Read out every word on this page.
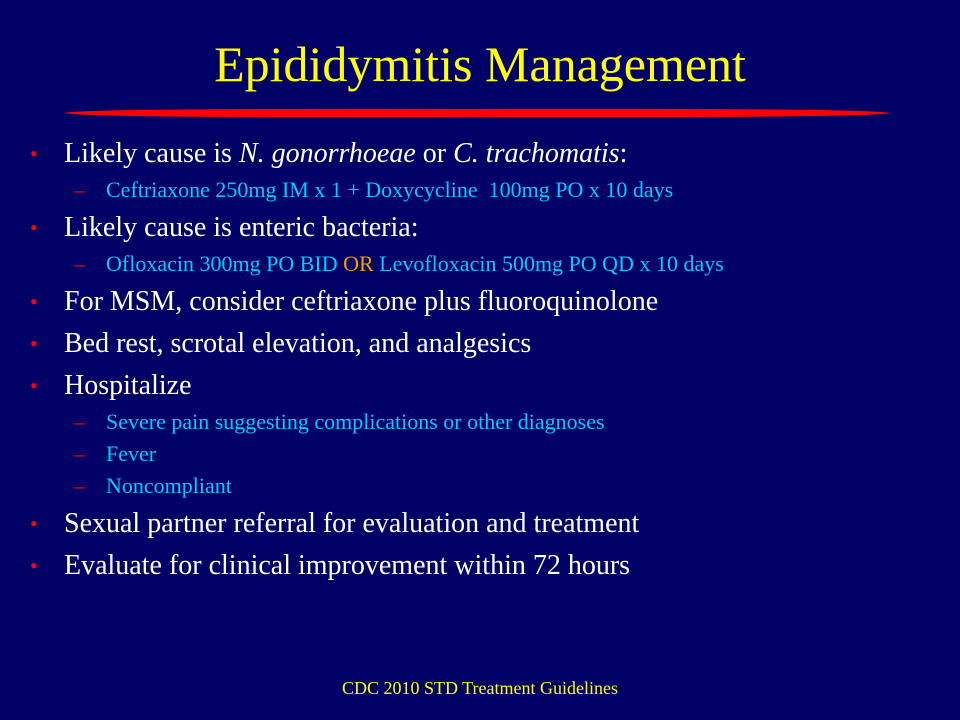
Epididymitis Management
• Likely cause is N. gonorrhoeae or C. trachomatis:
– Ceftriaxone 250mg IM x 1 + Doxycycline  100mg PO x 10 days
• Likely cause is enteric bacteria:
– Ofloxacin 300mg PO BID OR Levofloxacin 500mg PO QD x 10 days
• For MSM, consider ceftriaxone plus fluoroquinolone
• Bed rest, scrotal elevation, and analgesics
• Hospitalize
– Severe pain suggesting complications or other diagnoses
– Fever
– Noncompliant
• Sexual partner referral for evaluation and treatment
• Evaluate for clinical improvement within 72 hours
CDC 2010 STD Treatment Guidelines
